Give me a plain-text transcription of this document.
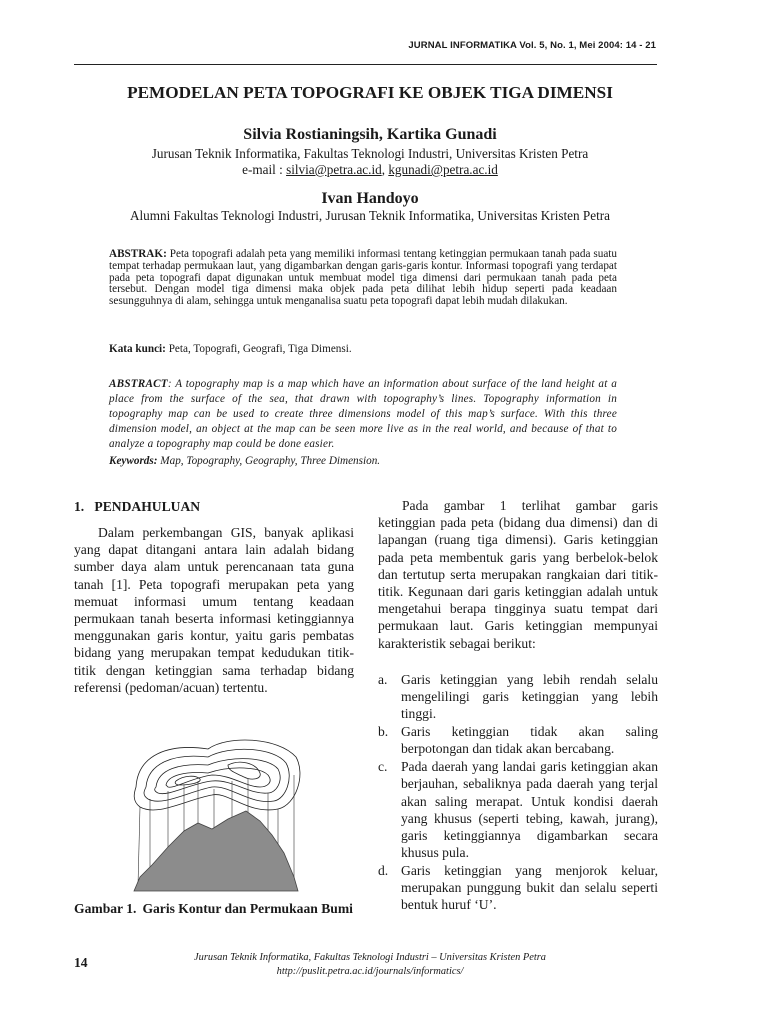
JURNAL INFORMATIKA Vol. 5, No. 1, Mei 2004: 14 - 21
PEMODELAN PETA TOPOGRAFI KE OBJEK TIGA DIMENSI
Silvia Rostianingsih, Kartika Gunadi
Jurusan Teknik Informatika, Fakultas Teknologi Industri, Universitas Kristen Petra
e-mail : silvia@petra.ac.id, kgunadi@petra.ac.id
Ivan Handoyo
Alumni Fakultas Teknologi Industri, Jurusan Teknik Informatika, Universitas Kristen Petra
ABSTRAK: Peta topografi adalah peta yang memiliki informasi tentang ketinggian permukaan tanah pada suatu tempat terhadap permukaan laut, yang digambarkan dengan garis-garis kontur. Informasi topografi yang terdapat pada peta topografi dapat digunakan untuk membuat model tiga dimensi dari permukaan tanah pada peta tersebut. Dengan model tiga dimensi maka objek pada peta dilihat lebih hidup seperti pada keadaan sesungguhnya di alam, sehingga untuk menganalisa suatu peta topografi dapat lebih mudah dilakukan.
Kata kunci: Peta, Topografi, Geografi, Tiga Dimensi.
ABSTRACT: A topography map is a map which have an information about surface of the land height at a place from the surface of the sea, that drawn with topography’s lines. Topography information in topography map can be used to create three dimensions model of this map’s surface. With this three dimension model, an object at the map can be seen more live as in the real world, and because of that to analyze a topography map could be done easier.
Keywords: Map, Topography, Geography, Three Dimension.
1.   PENDAHULUAN
Dalam perkembangan GIS, banyak aplikasi yang dapat ditangani antara lain adalah bidang sumber daya alam untuk perencanaan tata guna tanah [1]. Peta topografi merupakan peta yang memuat informasi umum tentang keadaan permukaan tanah beserta informasi ketinggiannya menggunakan garis kontur, yaitu garis pembatas bidang yang merupakan tempat kedudukan titik-titik dengan ketinggian sama terhadap bidang referensi (pedoman/acuan) tertentu.
Pada gambar 1 terlihat gambar garis ketinggian pada peta (bidang dua dimensi) dan di lapangan (ruang tiga dimensi). Garis ketinggian pada peta membentuk garis yang berbelok-belok dan tertutup serta merupakan rangkaian dari titik-titik. Kegunaan dari garis ketinggian adalah untuk mengetahui berapa tingginya suatu tempat dari permukaan laut. Garis ketinggian mempunyai karakteristik sebagai berikut:
a. Garis ketinggian yang lebih rendah selalu mengelilingi garis ketinggian yang lebih tinggi.
b. Garis ketinggian tidak akan saling berpotongan dan tidak akan bercabang.
c. Pada daerah yang landai garis ketinggian akan berjauhan, sebaliknya pada daerah yang terjal akan saling merapat. Untuk kondisi daerah yang khusus (seperti tebing, kawah, jurang), garis ketinggiannya digambarkan secara khusus pula.
d. Garis ketinggian yang menjorok keluar, merupakan punggung bukit dan selalu seperti bentuk huruf ‘U’.
Gambar 1. Garis Kontur dan Permukaan Bumi
14	Jurusan Teknik Informatika, Fakultas Teknologi Industri – Universitas Kristen Petra
http://puslit.petra.ac.id/journals/informatics/
